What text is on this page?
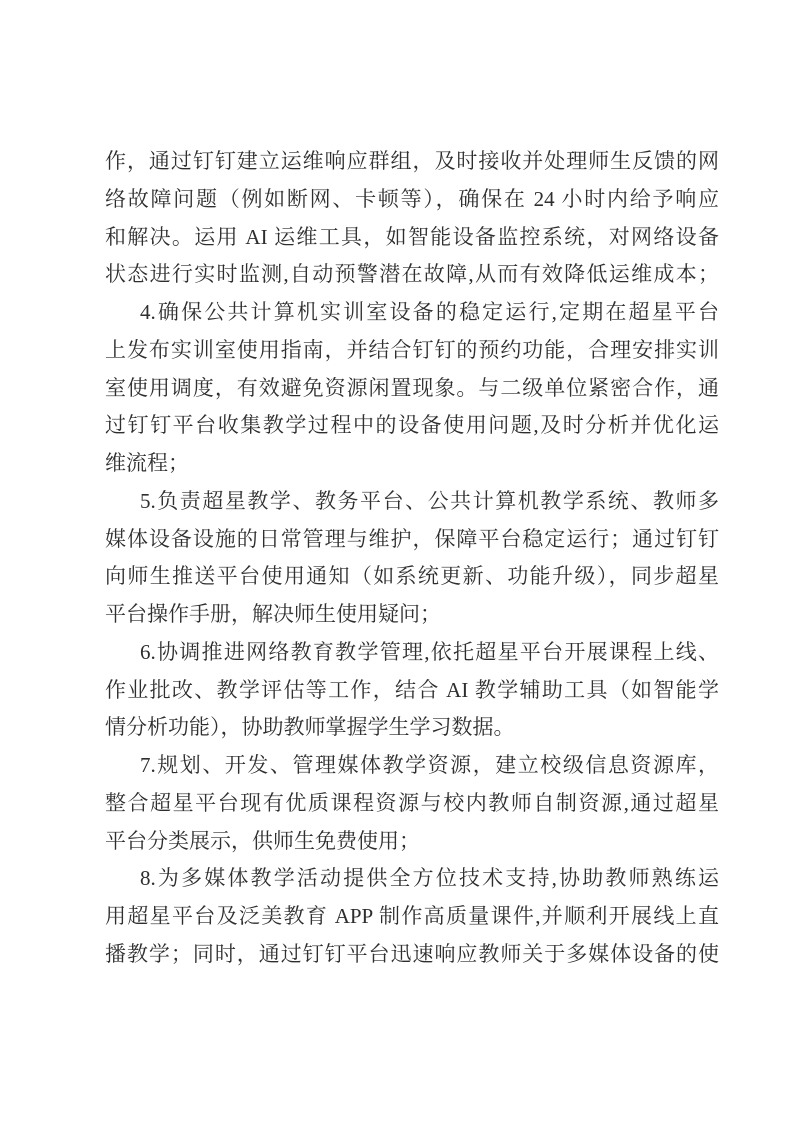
作，通过钉钉建立运维响应群组，及时接收并处理师生反馈的网
络故障问题（例如断网、卡顿等），确保在 24 小时内给予响应
和解决。运用 AI 运维工具，如智能设备监控系统，对网络设备
状态进行实时监测,自动预警潜在故障,从而有效降低运维成本；
4.确保公共计算机实训室设备的稳定运行,定期在超星平台
上发布实训室使用指南，并结合钉钉的预约功能，合理安排实训
室使用调度，有效避免资源闲置现象。与二级单位紧密合作，通
过钉钉平台收集教学过程中的设备使用问题,及时分析并优化运
维流程；
5.负责超星教学、教务平台、公共计算机教学系统、教师多
媒体设备设施的日常管理与维护，保障平台稳定运行；通过钉钉
向师生推送平台使用通知（如系统更新、功能升级），同步超星
平台操作手册，解决师生使用疑问；
6.协调推进网络教育教学管理,依托超星平台开展课程上线、
作业批改、教学评估等工作，结合 AI 教学辅助工具（如智能学
情分析功能），协助教师掌握学生学习数据。
7.规划、开发、管理媒体教学资源，建立校级信息资源库，
整合超星平台现有优质课程资源与校内教师自制资源,通过超星
平台分类展示，供师生免费使用；
8.为多媒体教学活动提供全方位技术支持,协助教师熟练运
用超星平台及泛美教育 APP 制作高质量课件,并顺利开展线上直
播教学；同时，通过钉钉平台迅速响应教师关于多媒体设备的使
